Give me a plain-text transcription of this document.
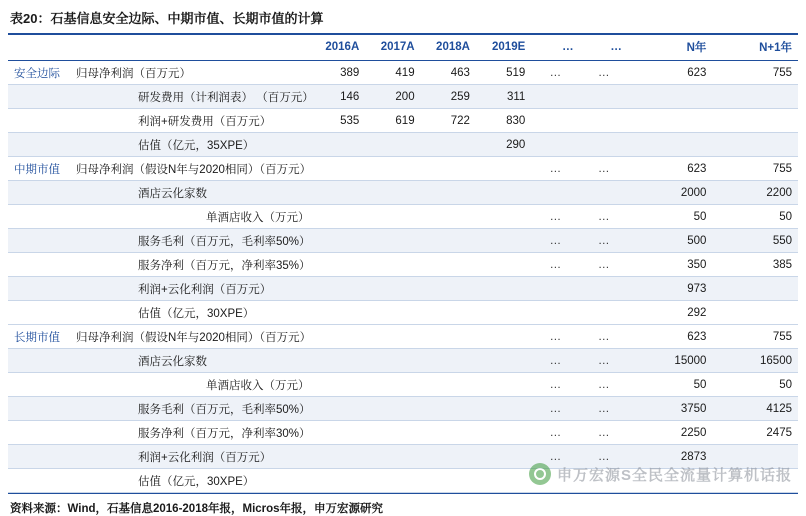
表20：石基信息安全边际、中期市值、长期市值的计算
	2016A	2017A	2018A	2019E	…	…	N年	N+1年

安全边际 归母净利润（百万元）	389	419	463	519	…	…	623	755

研发费用（计利润表） （百万元）	146	200	259	311				

利润+研发费用（百万元）	535	619	722	830				

估值（亿元，35XPE）				290				

中期市值 归母净利润（假设N年与2020相同）（百万元）					…	…	623	755

酒店云化家数							2000	2200

单酒店收入（万元）					…	…	50	50

服务毛利（百万元，毛利率50%）					…	…	500	550

服务净利（百万元，净利率35%）					…	…	350	385

利润+云化利润（百万元）							973	

估值（亿元，30XPE）							292	

长期市值 归母净利润（假设N年与2020相同）（百万元）					…	…	623	755

酒店云化家数					…	…	15000	16500

单酒店收入（万元）					…	…	50	50

服务毛利（百万元，毛利率50%）					…	…	3750	4125

服务净利（百万元，净利率30%）					…	…	2250	2475

利润+云化利润（百万元）					…	…	2873	

估值（亿元，30XPE）								

资料来源：Wind，石基信息2016-2018年报，Micros年报，申万宏源研究
申万宏源S全民全流量计算机话报
